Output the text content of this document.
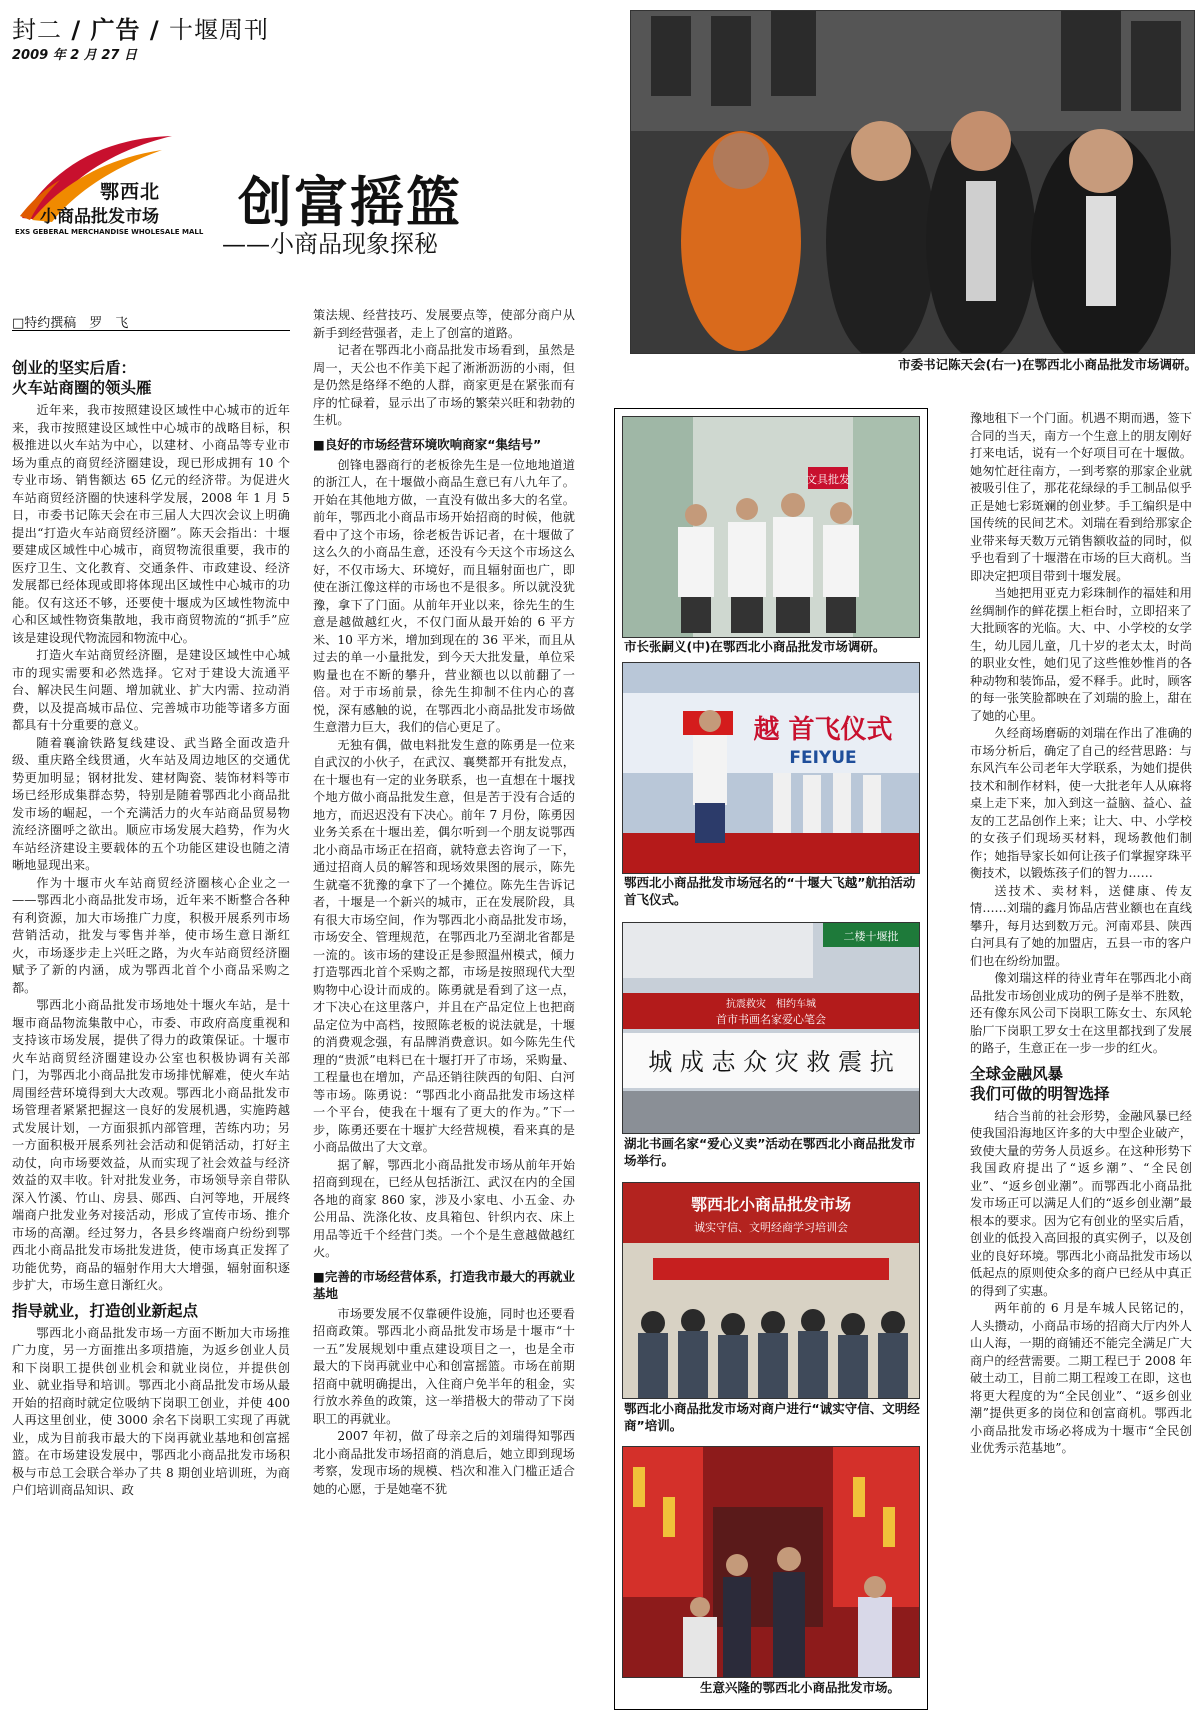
封二 / 广告 / 十堰周刊
2009 年 2 月 27 日
鄂西北
小商品批发市场
EXS GEBERAL MERCHANDISE WHOLESALE MALL 创富摇篮
——小商品现象探秘
□特约撰稿　罗　飞
市委书记陈天会(右一)在鄂西北小商品批发市场调研。
创业的坚实后盾：
火车站商圈的领头雁

近年来，我市按照建设区域性中心城市的近年来，我市按照建设区域性中心城市的战略目标，积极推进以火车站为中心，以建材、小商品等专业市场为重点的商贸经济圈建设，现已形成拥有 10 个专业市场、销售额达 65 亿元的经济带。为促进火车站商贸经济圈的快速科学发展，2008 年 1 月 5 日，市委书记陈天会在市三届人大四次会议上明确提出“打造火车站商贸经济圈”。陈天会指出：十堰要建成区域性中心城市，商贸物流很重要，我市的医疗卫生、文化教育、交通条件、市政建设、经济发展都已经体现或即将体现出区域性中心城市的功能。仅有这还不够，还要使十堰成为区域性物流中心和区域性物资集散地，我市商贸物流的“抓手”应该是建设现代物流园和物流中心。

打造火车站商贸经济圈，是建设区域性中心城市的现实需要和必然选择。它对于建设大流通平台、解决民生问题、增加就业、扩大内需、拉动消费，以及提高城市品位、完善城市功能等诸多方面都具有十分重要的意义。

随着襄渝铁路复线建设、武当路全面改造升级、重庆路全线贯通，火车站及周边地区的交通优势更加明显；钢材批发、建材陶瓷、装饰材料等市场已经形成集群态势，特别是随着鄂西北小商品批发市场的崛起，一个充满活力的火车站商品贸易物流经济圈呼之欲出。顺应市场发展大趋势，作为火车站经济建设主要载体的五个功能区建设也随之清晰地显现出来。

作为十堰市火车站商贸经济圈核心企业之一——鄂西北小商品批发市场，近年来不断整合各种有利资源，加大市场推广力度，积极开展系列市场营销活动，批发与零售并举，使市场生意日渐红火，市场逐步走上兴旺之路，为火车站商贸经济圈赋予了新的内涵，成为鄂西北首个小商品采购之都。

鄂西北小商品批发市场地处十堰火车站，是十堰市商品物流集散中心，市委、市政府高度重视和支持该市场发展，提供了得力的政策保证。十堰市火车站商贸经济圈建设办公室也积极协调有关部门，为鄂西北小商品批发市场排忧解难，使火车站周围经营环境得到大大改观。鄂西北小商品批发市场管理者紧紧把握这一良好的发展机遇，实施跨越式发展计划，一方面狠抓内部管理，苦练内功；另一方面积极开展系列社会活动和促销活动，打好主动仗，向市场要效益，从而实现了社会效益与经济效益的双丰收。针对批发业务，市场领导亲自带队深入竹溪、竹山、房县、郧西、白河等地，开展终端商户批发业务对接活动，形成了宣传市场、推介市场的高潮。经过努力，各县乡终端商户纷纷到鄂西北小商品批发市场批发进货，使市场真正发挥了功能优势，商品的辐射作用大大增强，辐射面积逐步扩大，市场生意日渐红火。

指导就业，打造创业新起点

鄂西北小商品批发市场一方面不断加大市场推广力度，另一方面推出多项措施，为返乡创业人员和下岗职工提供创业机会和就业岗位，并提供创业、就业指导和培训。鄂西北小商品批发市场从最开始的招商时就定位吸纳下岗职工创业，并使 400 人再这里创业，使 3000 余名下岗职工实现了再就业，成为目前我市最大的下岗再就业基地和创富摇篮。在市场建设发展中，鄂西北小商品批发市场积极与市总工会联合举办了共 8 期创业培训班，为商户们培训商品知识、政

策法规、经营技巧、发展要点等，使部分商户从新手到经营强者，走上了创富的道路。

记者在鄂西北小商品批发市场看到，虽然是周一，天公也不作美下起了淅淅沥沥的小雨，但是仍然是络绎不绝的人群，商家更是在紧张而有序的忙碌着，显示出了市场的繁荣兴旺和勃勃的生机。

■良好的市场经营环境吹响商家“集结号”

创锋电器商行的老板徐先生是一位地地道道的浙江人，在十堰做小商品生意已有八九年了。开始在其他地方做，一直没有做出多大的名堂。前年，鄂西北小商品市场开始招商的时候，他就看中了这个市场，徐老板告诉记者，在十堰做了这么久的小商品生意，还没有今天这个市场这么好，不仅市场大、环境好，而且辐射面也广，即使在浙江像这样的市场也不是很多。所以就没犹豫，拿下了门面。从前年开业以来，徐先生的生意是越做越红火，不仅门面从最开始的 6 平方米、10 平方米，增加到现在的 36 平米，而且从过去的单一小量批发，到今天大批发量，单位采购量也在不断的攀升，营业额也以以前翻了一倍。对于市场前景，徐先生抑制不住内心的喜悦，深有感触的说，在鄂西北小商品批发市场做生意潜力巨大，我们的信心更足了。

无独有偶，做电料批发生意的陈勇是一位来自武汉的小伙子，在武汉、襄樊都开有批发点，在十堰也有一定的业务联系，也一直想在十堰找个地方做小商品批发生意，但是苦于没有合适的地方，而迟迟没有下决心。前年 7 月份，陈勇因业务关系在十堰出差，偶尔听到一个朋友说鄂西北小商品市场正在招商，就特意去咨询了一下，通过招商人员的解答和现场效果图的展示，陈先生就毫不犹豫的拿下了一个摊位。陈先生告诉记者，十堰是一个新兴的城市，正在发展阶段，具有很大市场空间，作为鄂西北小商品批发市场，市场安全、管理规范，在鄂西北乃至湖北省都是一流的。该市场的建设正是参照温州模式，倾力打造鄂西北首个采购之都，市场是按照现代大型购物中心设计而成的。陈勇就是看到了这一点，才下决心在这里落户，并且在产品定位上也把商品定位为中高档，按照陈老板的说法就是，十堰的消费观念强，有品牌消费意识。如今陈先生代理的“贵派”电料已在十堰打开了市场，采购量、工程量也在增加，产品还销往陕西的旬阳、白河等市场。陈勇说：“鄂西北小商品批发市场这样一个平台，使我在十堰有了更大的作为。”下一步，陈勇还要在十堰扩大经营规模，看来真的是小商品做出了大文章。

据了解，鄂西北小商品批发市场从前年开始招商到现在，已经从包括浙江、武汉在内的全国各地的商家 860 家，涉及小家电、小五金、办公用品、洗涤化妆、皮具箱包、针织内衣、床上用品等近千个经营门类。一个个是生意越做越红火。

■完善的市场经营体系，打造我市最大的再就业基地

市场要发展不仅靠硬件设施，同时也还要看招商政策。鄂西北小商品批发市场是十堰市“十一五”发展规划中重点建设项目之一，也是全市最大的下岗再就业中心和创富摇篮。市场在前期招商中就明确提出，入住商户免半年的租金，实行放水养鱼的政策，这一举措极大的带动了下岗职工的再就业。

2007 年初，做了母亲之后的刘瑞得知鄂西北小商品批发市场招商的消息后，她立即到现场考察，发现市场的规模、档次和准入门槛正适合她的心愿，于是她毫不犹

文具批发
市长张嗣义(中)在鄂西北小商品批发市场调研。
越 首飞仪式
FEIYUE
鄂西北小商品批发市场冠名的“十堰大飞越”航拍活动首飞仪式。
二楼十堰批
抗震救灾　相约车城
首市书画名家爱心笔会
城 成 志 众 灾 救 震 抗
湖北书画名家“爱心义卖”活动在鄂西北小商品批发市场举行。
鄂西北小商品批发市场
诚实守信、文明经商学习培训会
鄂西北小商品批发市场对商户进行“诚实守信、文明经商”培训。
生意兴隆的鄂西北小商品批发市场。

豫地租下一个门面。机遇不期而遇，签下合同的当天，南方一个生意上的朋友刚好打来电话，说有一个好项目可在十堰做。她匆忙赶往南方，一到考察的那家企业就被吸引住了，那花花绿绿的手工制品似乎正是她七彩斑斓的创业梦。手工编织是中国传统的民间艺术。刘瑞在看到给那家企业带来每天数万元销售额收益的同时，似乎也看到了十堰潜在市场的巨大商机。当即决定把项目带到十堰发展。

当她把用亚克力彩珠制作的福娃和用丝绸制作的鲜花摆上柜台时，立即招来了大批顾客的光临。大、中、小学校的女学生，幼儿园儿童，几十岁的老太太，时尚的职业女性，她们见了这些惟妙惟肖的各种动物和装饰品，爱不释手。此时，顾客的每一张笑脸都映在了刘瑞的脸上，甜在了她的心里。

久经商场磨砺的刘瑞在作出了准确的市场分析后，确定了自己的经营思路：与东风汽车公司老年大学联系，为她们提供技术和制作材料，使一大批老年人从麻将桌上走下来，加入到这一益脑、益心、益友的工艺品创作上来；让大、中、小学校的女孩子们现场买材料，现场教他们制作；她指导家长如何让孩子们掌握穿珠平衡技术，以锻炼孩子们的智力……

送技术、卖材料，送健康、传友情……刘瑞的鑫月饰品店营业额也在直线攀升，每月达到数万元。河南邓县、陕西白河具有了她的加盟店，五县一市的客户们也在纷纷加盟。

像刘瑞这样的待业青年在鄂西北小商品批发市场创业成功的例子是举不胜数，还有像东风公司下岗职工陈女士、东风轮胎厂下岗职工罗女士在这里都找到了发展的路子，生意正在一步一步的红火。

全球金融风暴
我们可做的明智选择

结合当前的社会形势，金融风暴已经使我国沿海地区许多的大中型企业破产，致使大量的劳务人员返乡。在这种形势下我国政府提出了“返乡潮”、“全民创业”、“返乡创业潮”。而鄂西北小商品批发市场正可以满足人们的“返乡创业潮”最根本的要求。因为它有创业的坚实后盾，创业的低投入高回报的真实例子，以及创业的良好环境。鄂西北小商品批发市场以低起点的原则使众多的商户已经从中真正的得到了实惠。

两年前的 6 月是车城人民铭记的，人头攒动，小商品市场的招商大厅内外人山人海，一期的商铺还不能完全满足广大商户的经营需要。二期工程已于 2008 年破土动工，目前二期工程竣工在即，这也将更大程度的为“全民创业”、“返乡创业潮”提供更多的岗位和创富商机。鄂西北小商品批发市场必将成为十堰市“全民创业优秀示范基地”。
